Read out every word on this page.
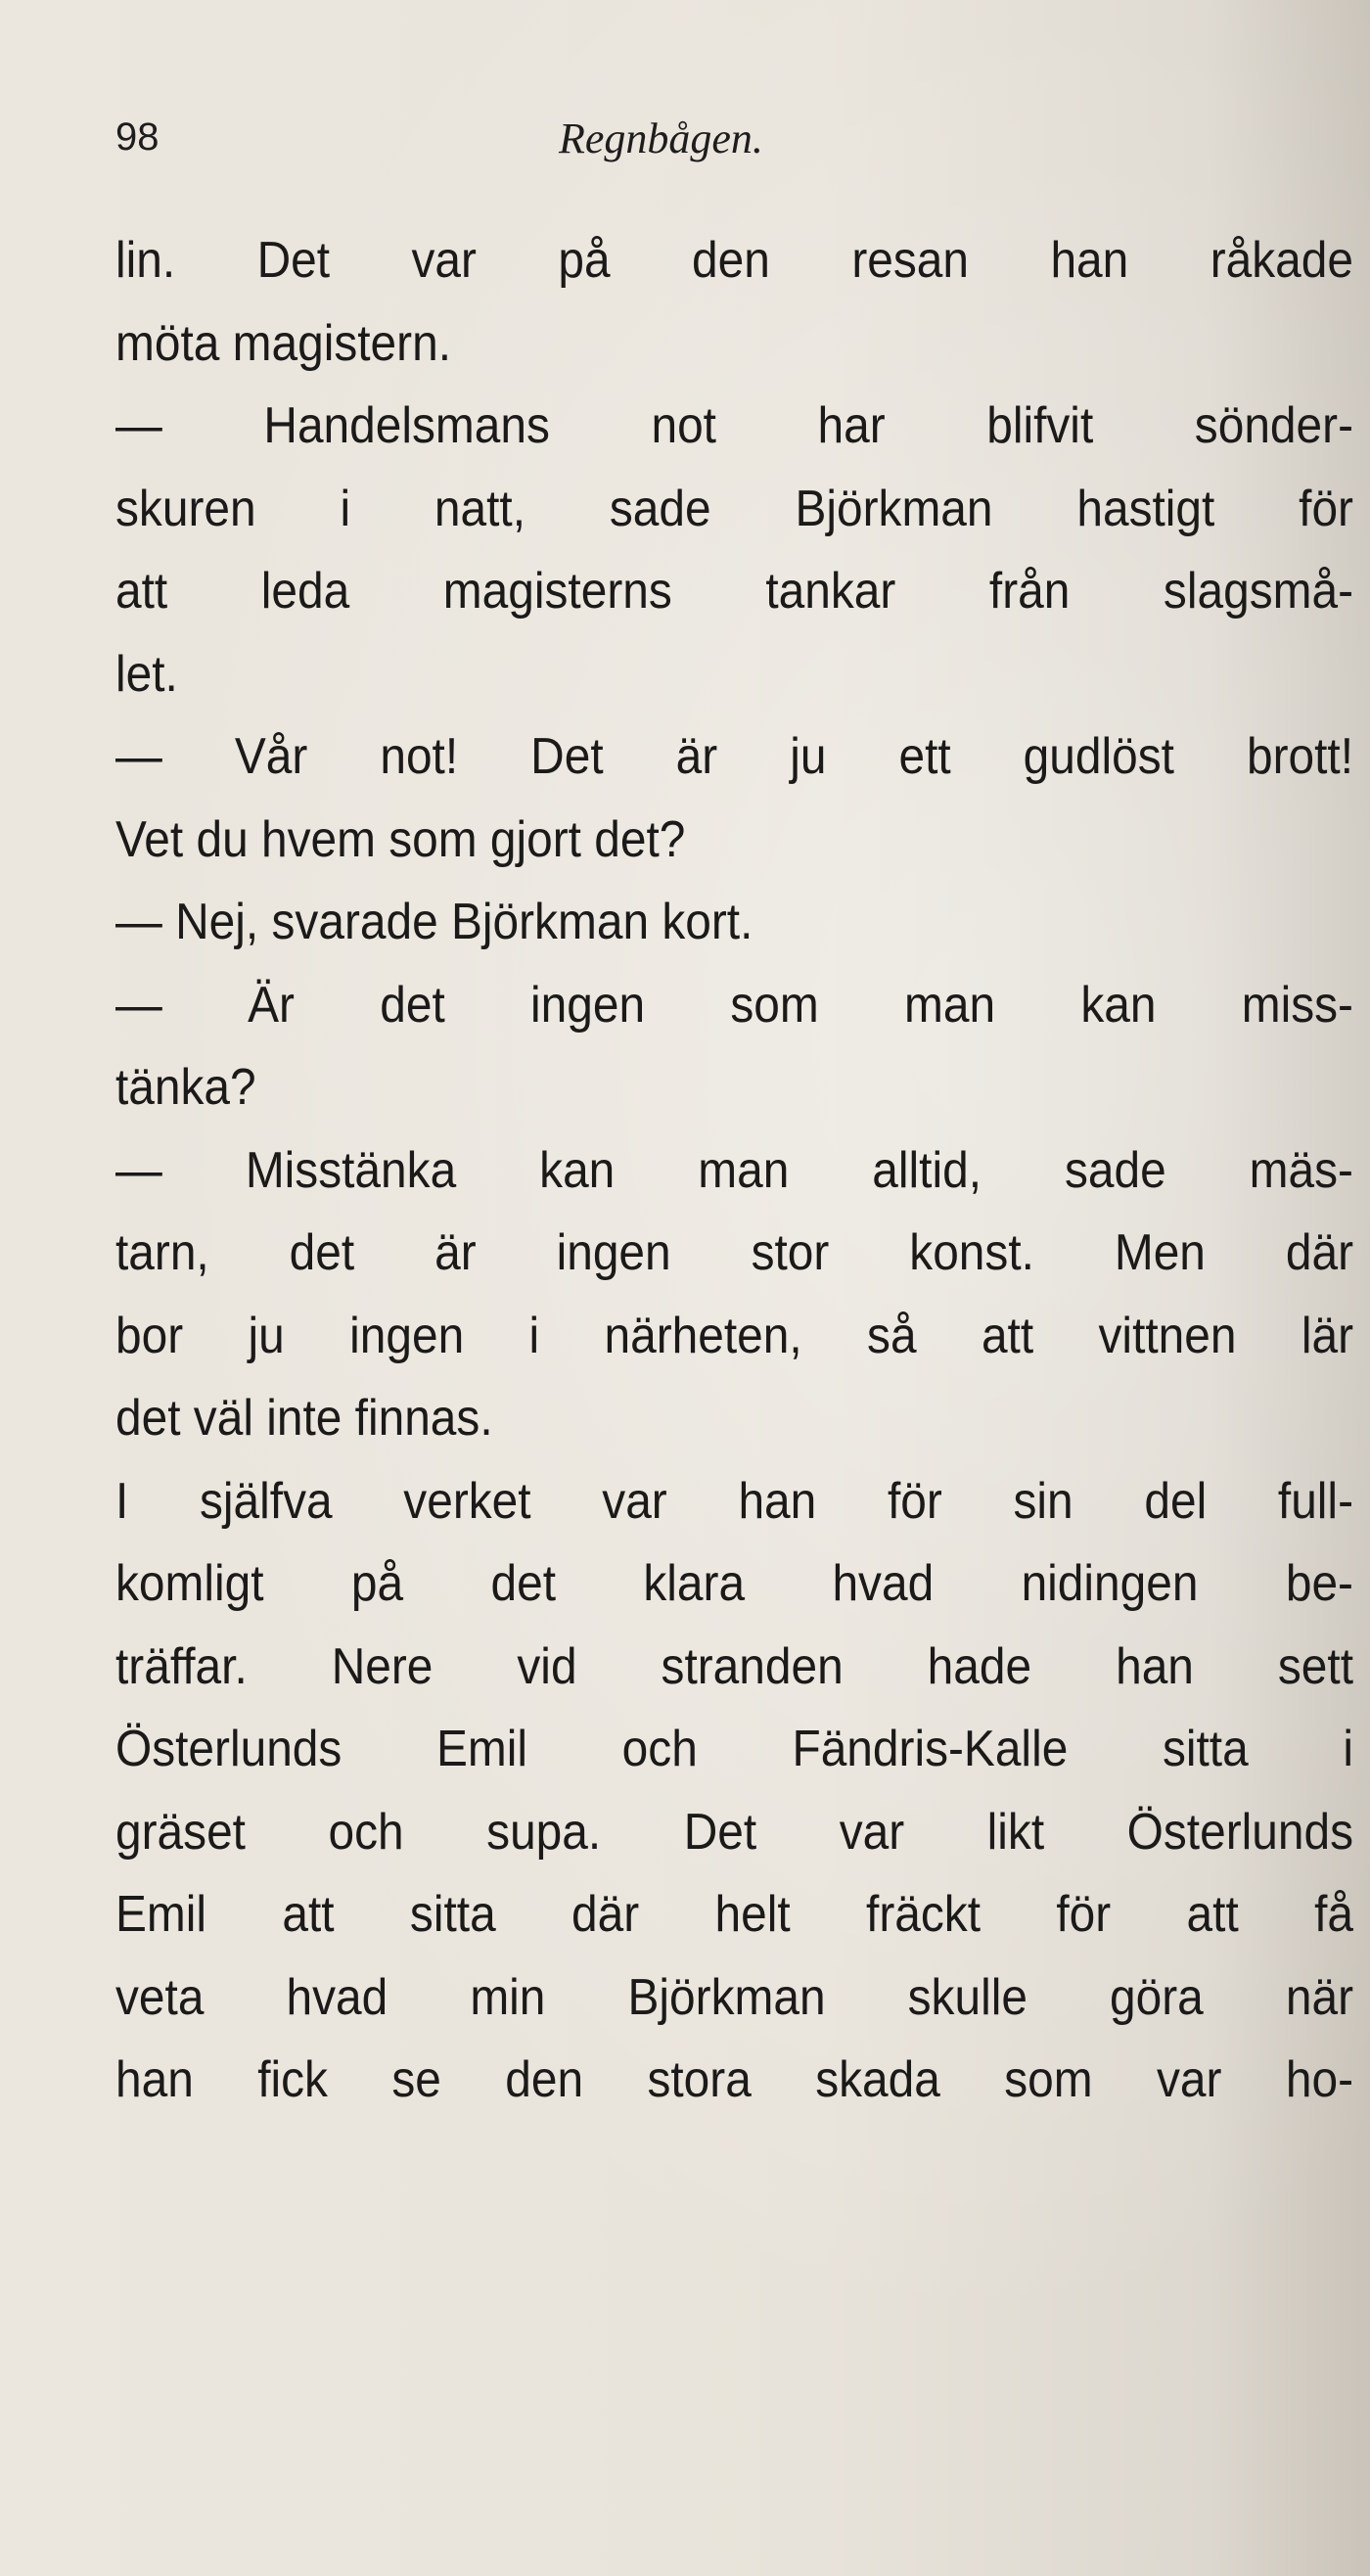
98	Regnbågen.
lin. Det var på den resan han råkade
möta magistern.
— Handelsmans not har blifvit sönder-
skuren i natt, sade Björkman hastigt för
att leda magisterns tankar från slagsmå-
let.
— Vår not! Det är ju ett gudlöst brott!
Vet du hvem som gjort det?
— Nej, svarade Björkman kort.
— Är det ingen som man kan miss-
tänka?
— Misstänka kan man alltid, sade mäs-
tarn, det är ingen stor konst. Men där
bor ju ingen i närheten, så att vittnen lär
det väl inte finnas.
I själfva verket var han för sin del full-
komligt på det klara hvad nidingen be-
träffar. Nere vid stranden hade han sett
Österlunds Emil och Fändris-Kalle sitta i
gräset och supa. Det var likt Österlunds
Emil att sitta där helt fräckt för att få
veta hvad min Björkman skulle göra när
han fick se den stora skada som var ho-
